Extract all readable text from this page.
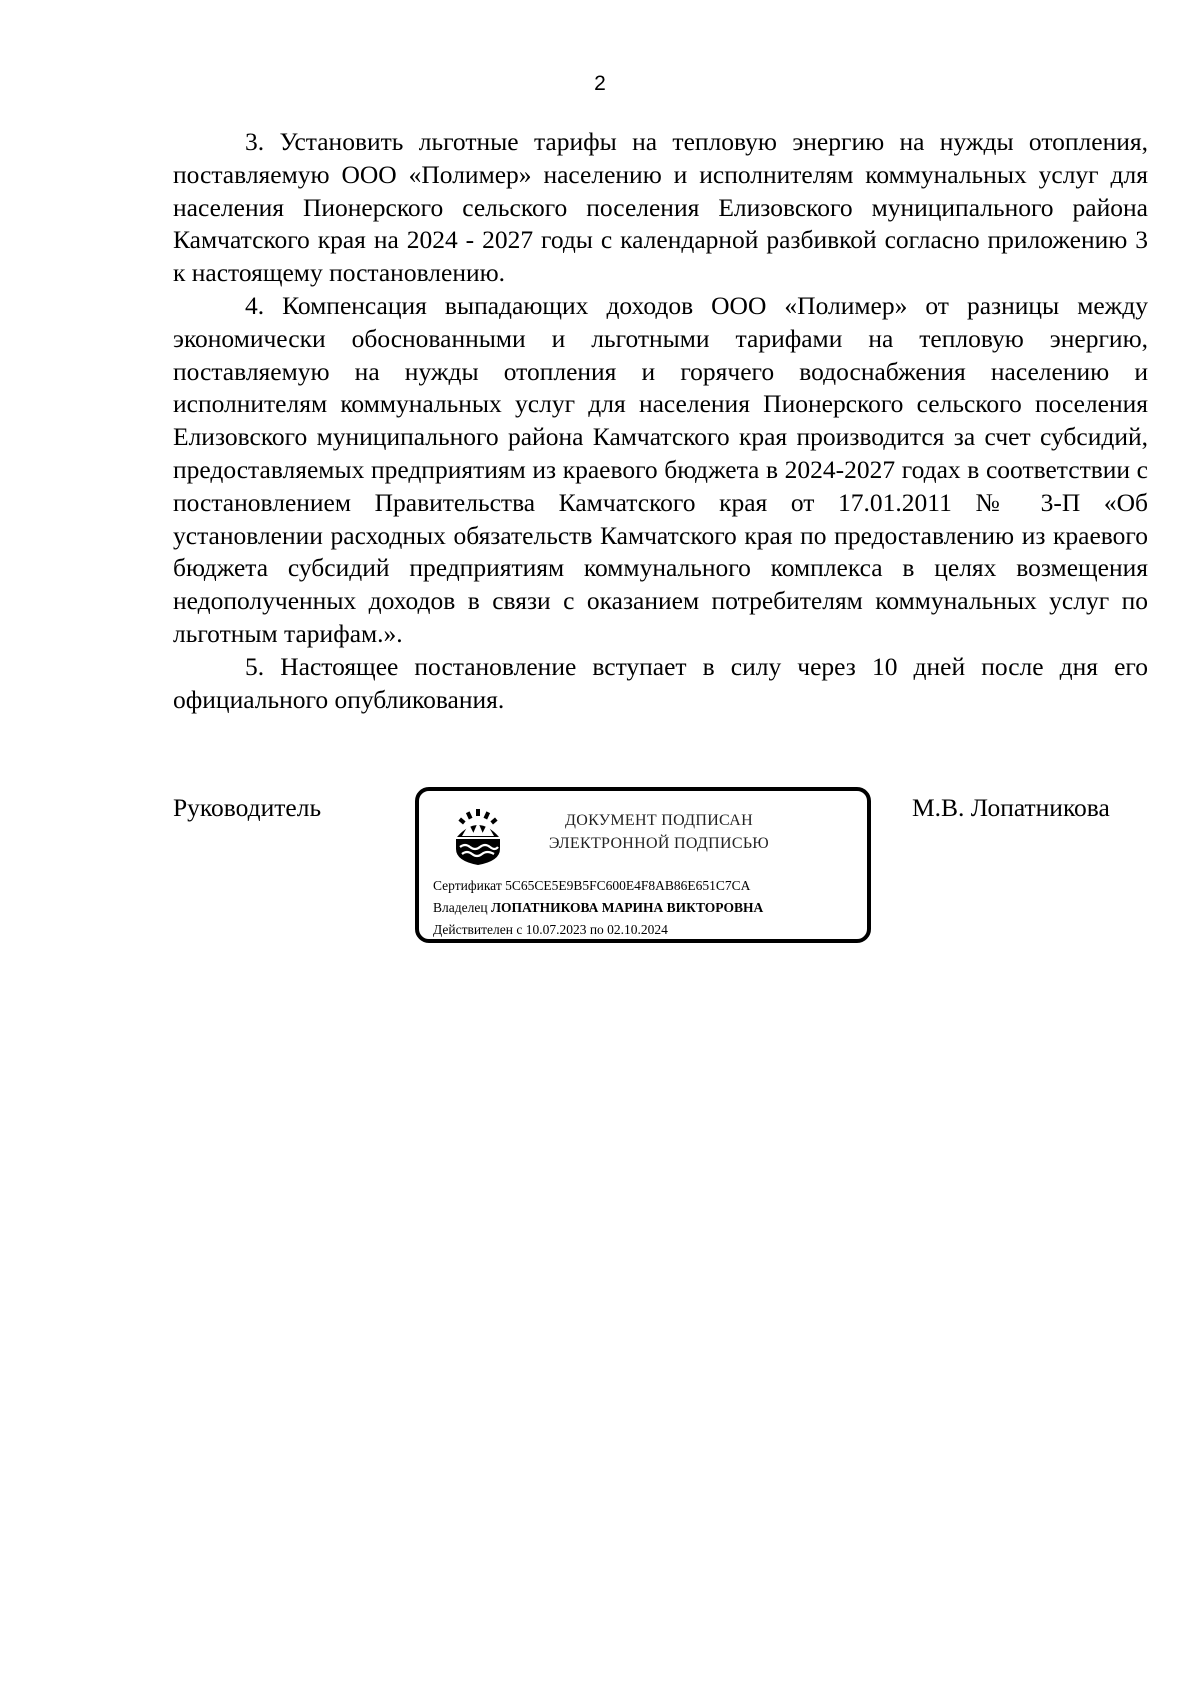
2

3. Установить льготные тарифы на тепловую энергию на нужды отопления, поставляемую ООО «Полимер» населению и исполнителям коммунальных услуг для населения Пионерского сельского поселения Елизовского муниципального района Камчатского края на 2024 - 2027 годы с календарной разбивкой согласно приложению 3 к настоящему постановлению.

4. Компенсация выпадающих доходов ООО «Полимер» от разницы между экономически обоснованными и льготными тарифами на тепловую энергию, поставляемую на нужды отопления и горячего водоснабжения населению и исполнителям коммунальных услуг для населения Пионерского сельского поселения Елизовского муниципального района Камчатского края производится за счет субсидий, предоставляемых предприятиям из краевого бюджета в 2024-2027 годах в соответствии с постановлением Правительства Камчатского края от 17.01.2011 № 3-П «Об установлении расходных обязательств Камчатского края по предоставлению из краевого бюджета субсидий предприятиям коммунального комплекса в целях возмещения недополученных доходов в связи с оказанием потребителям коммунальных услуг по льготным тарифам.».

5. Настоящее постановление вступает в силу через 10 дней после дня его официального опубликования.

Руководитель	ДОКУМЕНТ ПОДПИСАН
ЭЛЕКТРОННОЙ ПОДПИСЬЮ
Сертификат 5C65CE5E9B5FC600E4F8AB86E651C7CA
Владелец ЛОПАТНИКОВА МАРИНА ВИКТОРОВНА
Действителен с 10.07.2023 по 02.10.2024
М.В. Лопатникова
